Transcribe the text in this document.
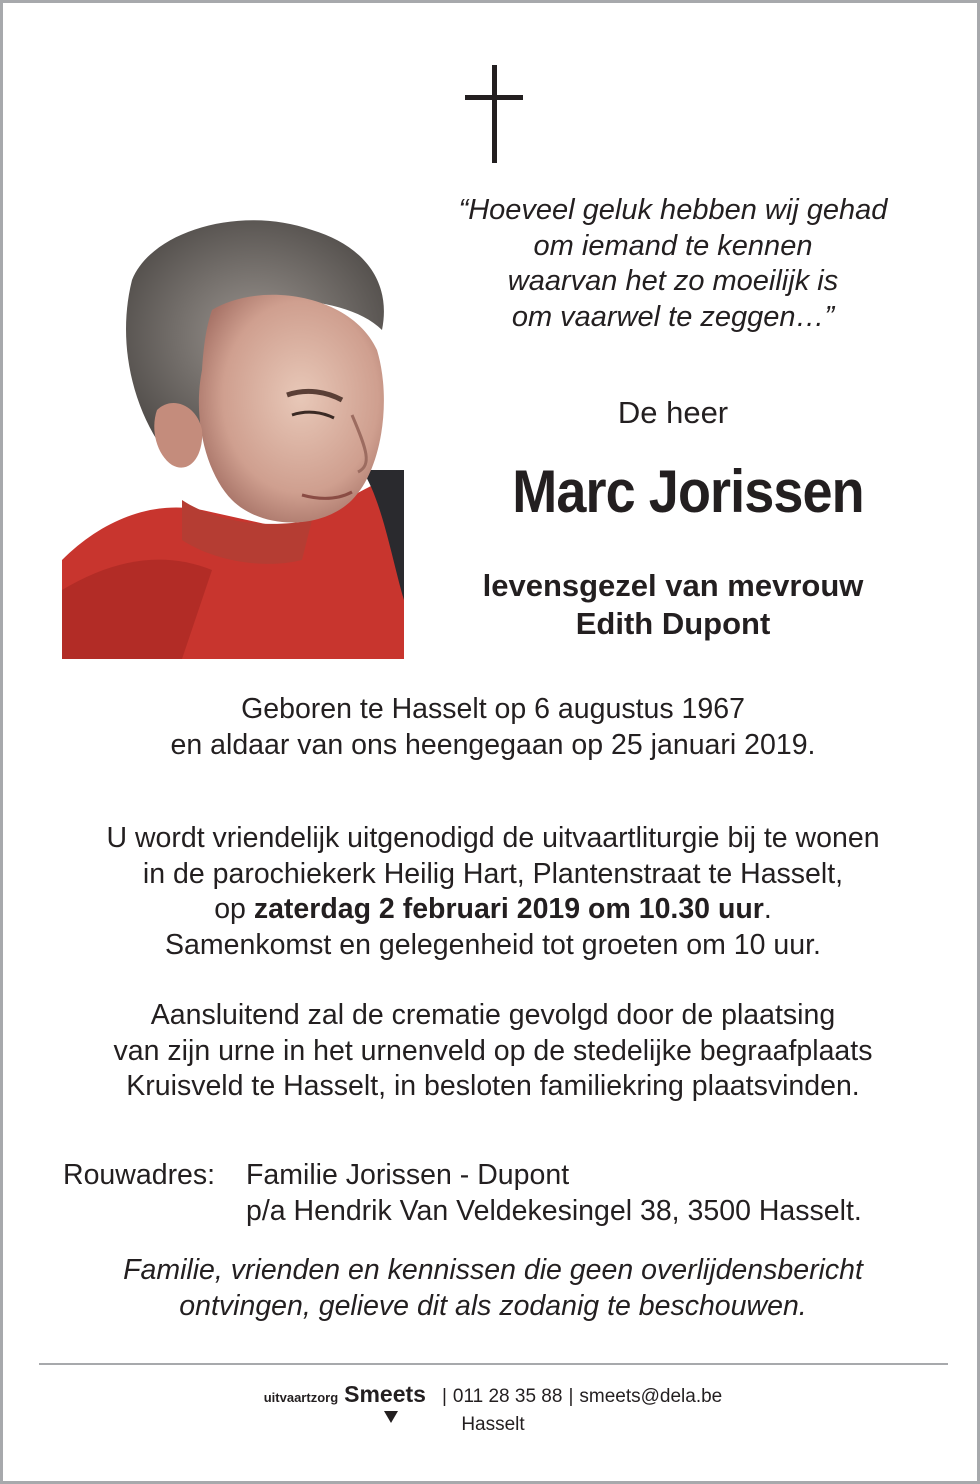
“Hoeveel geluk hebben wij gehad
om iemand te kennen
waarvan het zo moeilijk is
om vaarwel te zeggen…”
De heer
Marc Jorissen
levensgezel van mevrouw
Edith Dupont
Geboren te Hasselt op 6 augustus 1967
en aldaar van ons heengegaan op 25 januari 2019.
U wordt vriendelijk uitgenodigd de uitvaartliturgie bij te wonen
in de parochiekerk Heilig Hart, Plantenstraat te Hasselt,
op zaterdag 2 februari 2019 om 10.30 uur.
Samenkomst en gelegenheid tot groeten om 10 uur.
Aansluitend zal de crematie gevolgd door de plaatsing
van zijn urne in het urnenveld op de stedelijke begraafplaats
Kruisveld te Hasselt, in besloten familiekring plaatsvinden.
Rouwadres:	Familie Jorissen - Dupont
p/a Hendrik Van Veldekesingel 38, 3500 Hasselt.
Familie, vrienden en kennissen die geen overlijdensbericht
ontvingen, gelieve dit als zodanig te beschouwen.

uitvaartzorg Smeets | 011 28 35 88 | smeets@dela.be
Hasselt
